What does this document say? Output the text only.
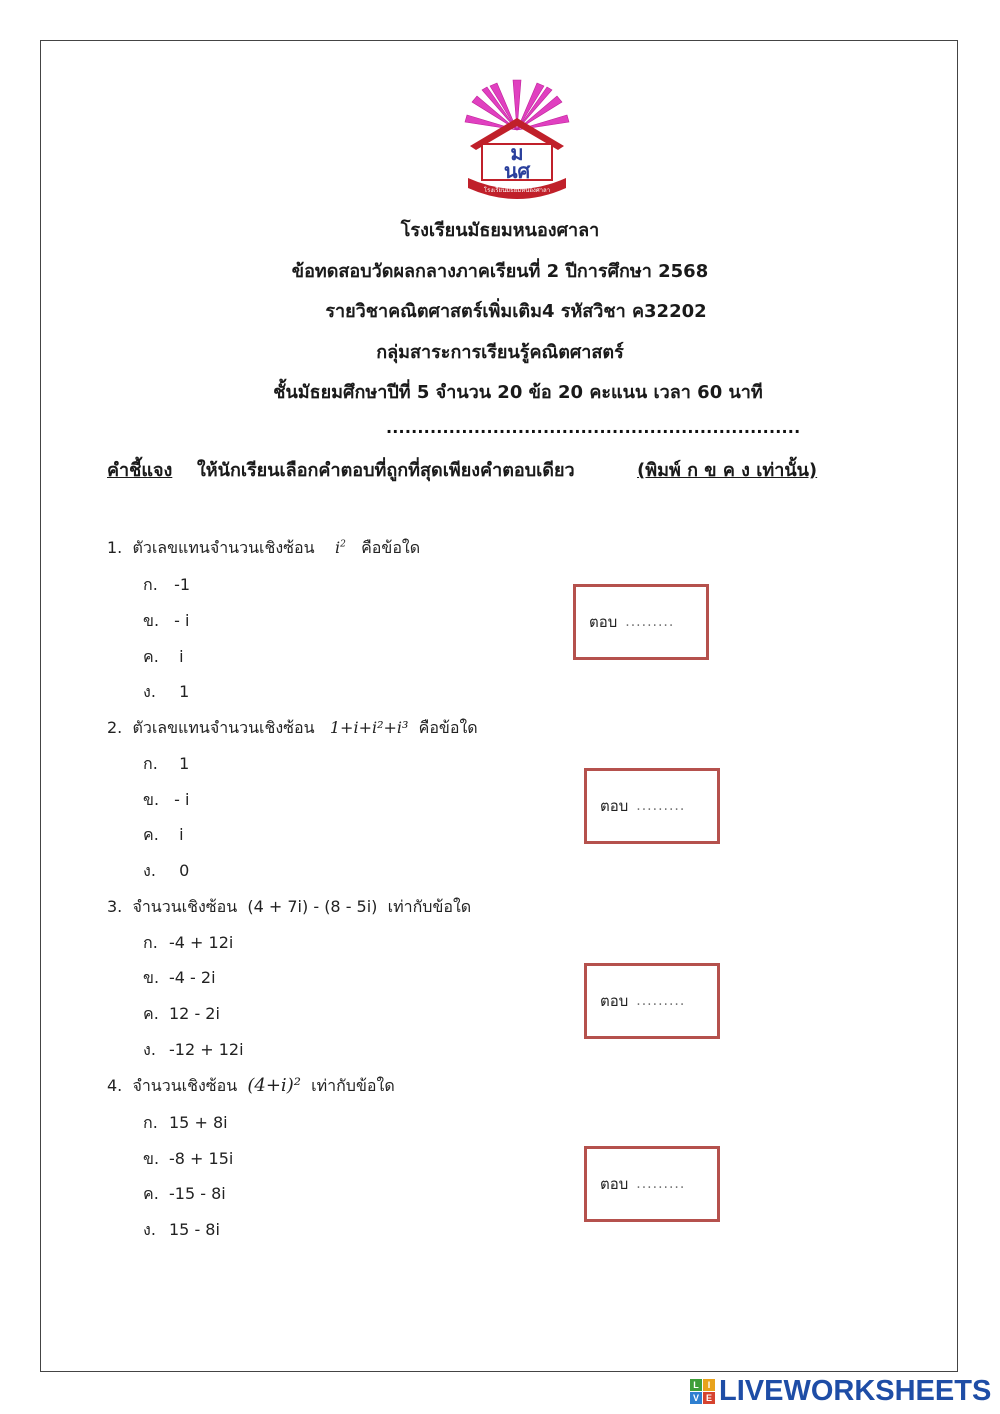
ม
นศ
โรงเรียนมัธยมหนองศาลา
โรงเรียนมัธยมหนองศาลา
ข้อทดสอบวัดผลกลางภาคเรียนที่ 2 ปีการศึกษา 2568
รายวิชาคณิตศาสตร์เพิ่มเติม4 รหัสวิชา ค32202
กลุ่มสาระการเรียนรู้คณิตศาสตร์
ชั้นมัธยมศึกษาปีที่ 5 จำนวน 20 ข้อ 20 คะแนน เวลา 60 นาที
..................................................................
คำชี้แจง ให้นักเรียนเลือกคำตอบที่ถูกที่สุดเพียงคำตอบเดียว	(พิมพ์ ก ข ค ง เท่านั้น)
1. ตัวเลขแทนจำนวนเชิงซ้อน $i^2$ คือข้อใด
ก. -1
ข. - i
ค. i
ง. 1
ตอบ
.........
2. ตัวเลขแทนจำนวนเชิงซ้อน 1+i+i²+i³ คือข้อใด
ก. 1
ข. - i
ค. i
ง. 0
ตอบ
.........
3. จำนวนเชิงซ้อน (4 + 7i) - (8 - 5i) เท่ากับข้อใด
ก. -4 + 12i
ข. -4 - 2i
ค. 12 - 2i
ง. -12 + 12i
ตอบ
.........
4. จำนวนเชิงซ้อน (4+i)² เท่ากับข้อใด
ก. 15 + 8i
ข. -8 + 15i
ค. -15 - 8i
ง. 15 - 8i
ตอบ
.........
L I
V E LIVEWORKSHEETS
